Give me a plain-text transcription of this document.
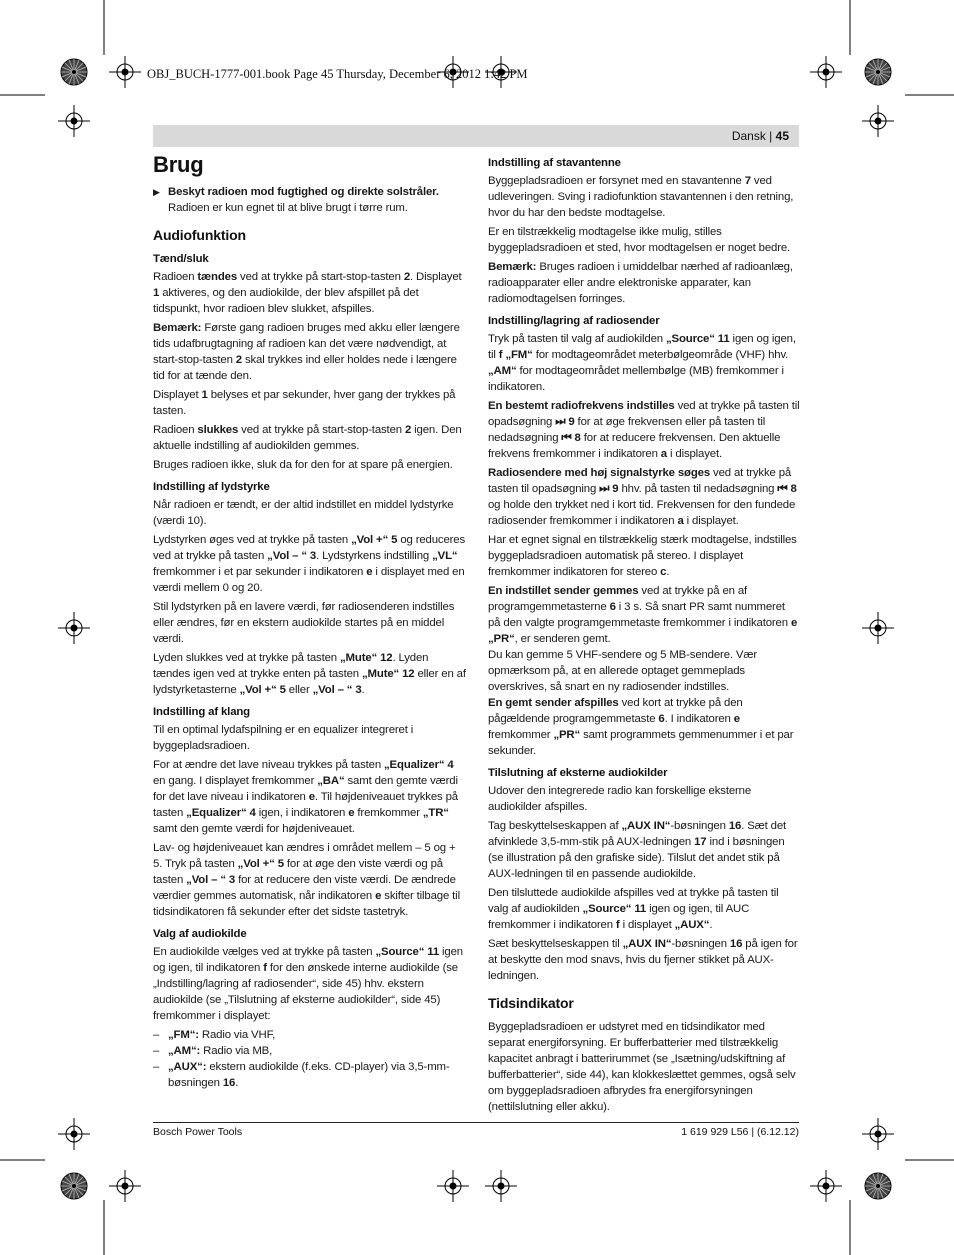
OBJ_BUCH-1777-001.book Page 45 Thursday, December 6, 2012 1:42 PM
Dansk | 45
Brug

▶ Beskyt radioen mod fugtighed og direkte solstråler. Radioen er kun egnet til at blive brugt i tørre rum.

Audiofunktion
Tænd/sluk

Radioen tændes ved at trykke på start-stop-tasten 2. Displayet 1 aktiveres, og den audiokilde, der blev afspillet på det tidspunkt, hvor radioen blev slukket, afspilles.

Bemærk: Første gang radioen bruges med akku eller længere tids udafbrugtagning af radioen kan det være nødvendigt, at start-stop-tasten 2 skal trykkes ind eller holdes nede i længere tid for at tænde den.

Displayet 1 belyses et par sekunder, hver gang der trykkes på tasten.

Radioen slukkes ved at trykke på start-stop-tasten 2 igen. Den aktuelle indstilling af audiokilden gemmes.

Bruges radioen ikke, sluk da for den for at spare på energien.

Indstilling af lydstyrke

Når radioen er tændt, er der altid indstillet en middel lydstyrke (værdi 10).

Lydstyrken øges ved at trykke på tasten „Vol +“ 5 og reduceres ved at trykke på tasten „Vol – “ 3. Lydstyrkens indstilling „VL“ fremkommer i et par sekunder i indikatoren e i displayet med en værdi mellem 0 og 20.

Stil lydstyrken på en lavere værdi, før radiosenderen indstilles eller ændres, før en ekstern audiokilde startes på en middel værdi.

Lyden slukkes ved at trykke på tasten „Mute“ 12. Lyden tændes igen ved at trykke enten på tasten „Mute“ 12 eller en af lydstyrketasterne „Vol +“ 5 eller „Vol – “ 3.

Indstilling af klang

Til en optimal lydafspilning er en equalizer integreret i byggepladsradioen.

For at ændre det lave niveau trykkes på tasten „Equalizer“ 4 en gang. I displayet fremkommer „BA“ samt den gemte værdi for det lave niveau i indikatoren e. Til højdeniveauet trykkes på tasten „Equalizer“ 4 igen, i indikatoren e fremkommer „TR“ samt den gemte værdi for højdeniveauet.

Lav- og højdeniveauet kan ændres i området mellem – 5 og + 5. Tryk på tasten „Vol +“ 5 for at øge den viste værdi og på tasten „Vol – “ 3 for at reducere den viste værdi. De ændrede værdier gemmes automatisk, når indikatoren e skifter tilbage til tidsindikatoren få sekunder efter det sidste tastetryk.

Valg af audiokilde

En audiokilde vælges ved at trykke på tasten „Source“ 11 igen og igen, til indikatoren f for den ønskede interne audiokilde (se „Indstilling/lagring af radiosender“, side 45) hhv. ekstern audiokilde (se „Tilslutning af eksterne audiokilder“, side 45) fremkommer i displayet:

– „FM“: Radio via VHF,
– „AM“: Radio via MB,
– „AUX“: ekstern audiokilde (f.eks. CD-player) via 3,5-mm-bøsningen 16.
Indstilling af stavantenne

Byggepladsradioen er forsynet med en stavantenne 7 ved udleveringen. Sving i radiofunktion stavantennen i den retning, hvor du har den bedste modtagelse.

Er en tilstrækkelig modtagelse ikke mulig, stilles byggepladsradioen et sted, hvor modtagelsen er noget bedre.

Bemærk: Bruges radioen i umiddelbar nærhed af radioanlæg, radioapparater eller andre elektroniske apparater, kan radiomodtagelsen forringes.

Indstilling/lagring af radiosender

Tryk på tasten til valg af audiokilden „Source“ 11 igen og igen, til f „FM“ for modtageområdet meterbølgeområde (VHF) hhv. „AM“ for modtageområdet mellembølge (MB) fremkommer i indikatoren.

En bestemt radiofrekvens indstilles ved at trykke på tasten til opadsøgning ⏭ 9 for at øge frekvensen eller på tasten til nedadsøgning ⏮ 8 for at reducere frekvensen. Den aktuelle frekvens fremkommer i indikatoren a i displayet.

Radiosendere med høj signalstyrke søges ved at trykke på tasten til opadsøgning ⏭ 9 hhv. på tasten til nedadsøgning ⏮ 8 og holde den trykket ned i kort tid. Frekvensen for den fundede radiosender fremkommer i indikatoren a i displayet.

Har et egnet signal en tilstrækkelig stærk modtagelse, indstilles byggepladsradioen automatisk på stereo. I displayet fremkommer indikatoren for stereo c.

En indstillet sender gemmes ved at trykke på en af programgemmetasterne 6 i 3 s. Så snart PR samt nummeret på den valgte programgemmetaste fremkommer i indikatoren e „PR“, er senderen gemt.

Du kan gemme 5 VHF-sendere og 5 MB-sendere. Vær opmærksom på, at en allerede optaget gemmeplads overskrives, så snart en ny radiosender indstilles.

En gemt sender afspilles ved kort at trykke på den pågældende programgemmetaste 6. I indikatoren e fremkommer „PR“ samt programmets gemmenummer i et par sekunder.

Tilslutning af eksterne audiokilder

Udover den integrerede radio kan forskellige eksterne audiokilder afspilles.

Tag beskyttelseskappen af „AUX IN“-bøsningen 16. Sæt det afvinklede 3,5-mm-stik på AUX-ledningen 17 ind i bøsningen (se illustration på den grafiske side). Tilslut det andet stik på AUX-ledningen til en passende audiokilde.

Den tilsluttede audiokilde afspilles ved at trykke på tasten til valg af audiokilden „Source“ 11 igen og igen, til AUC fremkommer i indikatoren f i displayet „AUX“.

Sæt beskyttelseskappen til „AUX IN“-bøsningen 16 på igen for at beskytte den mod snavs, hvis du fjerner stikket på AUX-ledningen.

Tidsindikator

Byggepladsradioen er udstyret med en tidsindikator med separat energiforsyning. Er bufferbatterier med tilstrækkelig kapacitet anbragt i batterirummet (se „Isætning/udskiftning af bufferbatterier“, side 44), kan klokkeslættet gemmes, også selv om byggepladsradioen afbrydes fra energiforsyningen (nettilslutning eller akku).

Bosch Power Tools	1 619 929 L56 | (6.12.12)
